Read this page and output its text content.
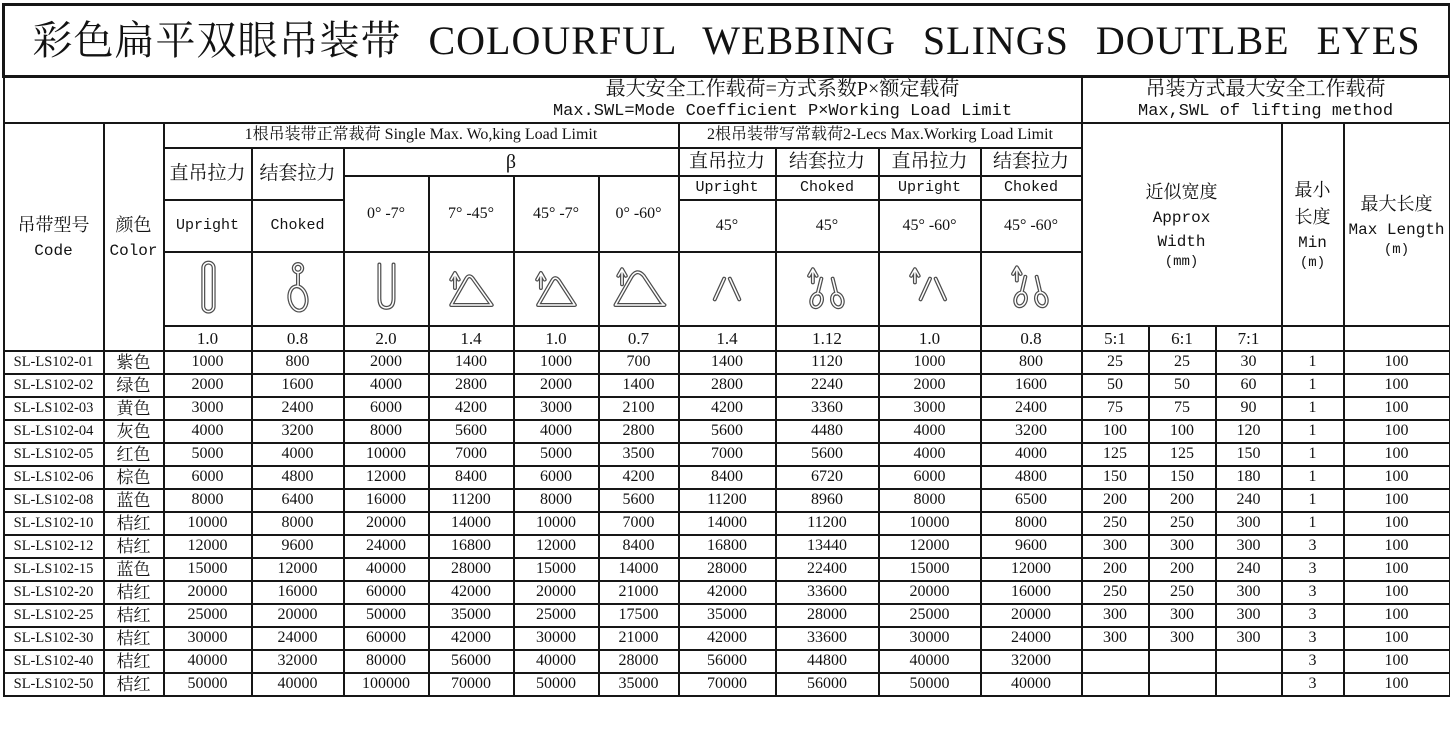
彩色扁平双眼吊装带 COLOURFUL WEBBING SLINGS DOUTLBE EYES																

最大安全工作载荷=方式系数P×额定载荷
Max.SWL=Mode Coefficient P×Working Load Limit

吊装方式最大安全工作载荷
Max,SWL of lifting method

吊带型号
Code

颜色
Color
	1根吊装带正常裁荷 Single Max. Wo,king Load Limit	2根吊装带写常载荷2-Lecs Max.Workirg Load Limit	
近似宽度
Approx
Width
(mm)

最小
长度
Min
(m)

最大长度
Max Length
(m)

		直吊拉力	结套拉力	β				直吊拉力	结套拉力	直吊拉力	结套拉力					
				0° -7°	7° -45°	45° -7°	0° -60°	Upright	Choked	Upright	Choked					
		Upright	Choked					45°	45°	45° -60°	45° -60°					

		1.0	0.8	2.0	1.4	1.0	0.7	1.4	1.12	1.0	0.8	5:1	6:1	7:1		
SL-LS102-01	紫色	1000	800	2000	1400	1000	700	1400	1120	1000	800	25	25	30	1	100
SL-LS102-02	绿色	2000	1600	4000	2800	2000	1400	2800	2240	2000	1600	50	50	60	1	100
SL-LS102-03	黄色	3000	2400	6000	4200	3000	2100	4200	3360	3000	2400	75	75	90	1	100
SL-LS102-04	灰色	4000	3200	8000	5600	4000	2800	5600	4480	4000	3200	100	100	120	1	100
SL-LS102-05	红色	5000	4000	10000	7000	5000	3500	7000	5600	4000	4000	125	125	150	1	100
SL-LS102-06	棕色	6000	4800	12000	8400	6000	4200	8400	6720	6000	4800	150	150	180	1	100
SL-LS102-08	蓝色	8000	6400	16000	11200	8000	5600	11200	8960	8000	6500	200	200	240	1	100
SL-LS102-10	桔红	10000	8000	20000	14000	10000	7000	14000	11200	10000	8000	250	250	300	1	100
SL-LS102-12	桔红	12000	9600	24000	16800	12000	8400	16800	13440	12000	9600	300	300	300	3	100
SL-LS102-15	蓝色	15000	12000	40000	28000	15000	14000	28000	22400	15000	12000	200	200	240	3	100
SL-LS102-20	桔红	20000	16000	60000	42000	20000	21000	42000	33600	20000	16000	250	250	300	3	100
SL-LS102-25	桔红	25000	20000	50000	35000	25000	17500	35000	28000	25000	20000	300	300	300	3	100
SL-LS102-30	桔红	30000	24000	60000	42000	30000	21000	42000	33600	30000	24000	300	300	300	3	100
SL-LS102-40	桔红	40000	32000	80000	56000	40000	28000	56000	44800	40000	32000				3	100
SL-LS102-50	桔红	50000	40000	100000	70000	50000	35000	70000	56000	50000	40000				3	100
